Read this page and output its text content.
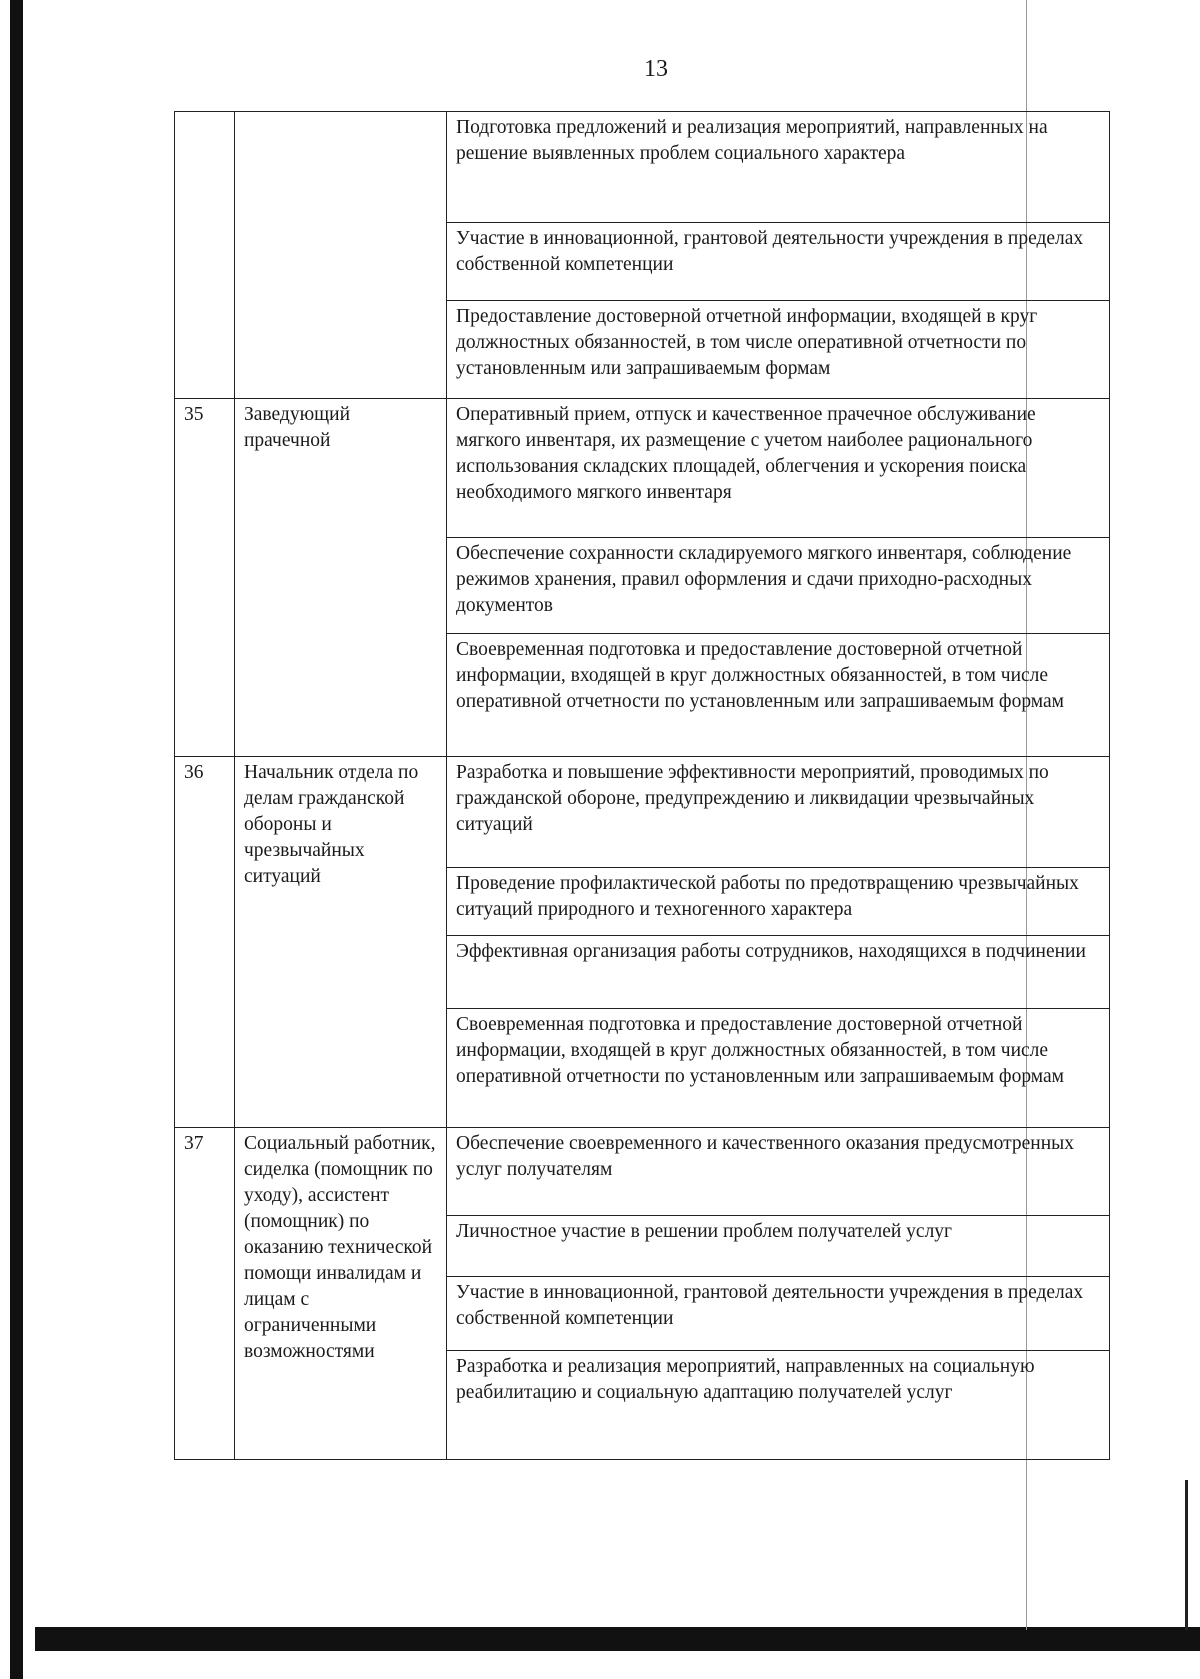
13

		Подготовка предложений и реализация мероприятий, направленных на решение выявленных проблем социального характера
		Участие в инновационной, грантовой деятельности учреждения в пределах собственной компетенции
		Предоставление достоверной отчетной информации, входящей в круг должностных обязанностей, в том числе оперативной отчетности по установленным или запрашиваемым формам
35	Заведующий прачечной	Оперативный прием, отпуск и качественное прачечное обслуживание мягкого инвентаря, их размещение с учетом наиболее рационального использования складских площадей, облегчения и ускорения поиска необходимого мягкого инвентаря
		Обеспечение сохранности складируемого мягкого инвентаря, соблюдение режимов хранения, правил оформления и сдачи приходно-расходных документов
		Своевременная подготовка и предоставление достоверной отчетной информации, входящей в круг должностных обязанностей, в том числе оперативной отчетности по установленным или запрашиваемым формам
36	Начальник отдела по делам гражданской обороны и чрезвычайных ситуаций	Разработка и повышение эффективности мероприятий, проводимых по гражданской обороне, предупреждению и ликвидации чрезвычайных ситуаций
		Проведение профилактической работы по предотвращению чрезвычайных ситуаций природного и техногенного характера
		Эффективная организация работы сотрудников, находящихся в подчинении
		Своевременная подготовка и предоставление достоверной отчетной информации, входящей в круг должностных обязанностей, в том числе оперативной отчетности по установленным или запрашиваемым формам
37	Социальный работник, сиделка (помощник по уходу), ассистент (помощник) по оказанию технической помощи инвалидам и лицам с ограниченными возможностями	Обеспечение своевременного и качественного оказания предусмотренных услуг получателям
		Личностное участие в решении проблем получателей услуг
		Участие в инновационной, грантовой деятельности учреждения в пределах собственной компетенции
		Разработка и реализация мероприятий, направленных на социальную реабилитацию и социальную адаптацию получателей услуг
